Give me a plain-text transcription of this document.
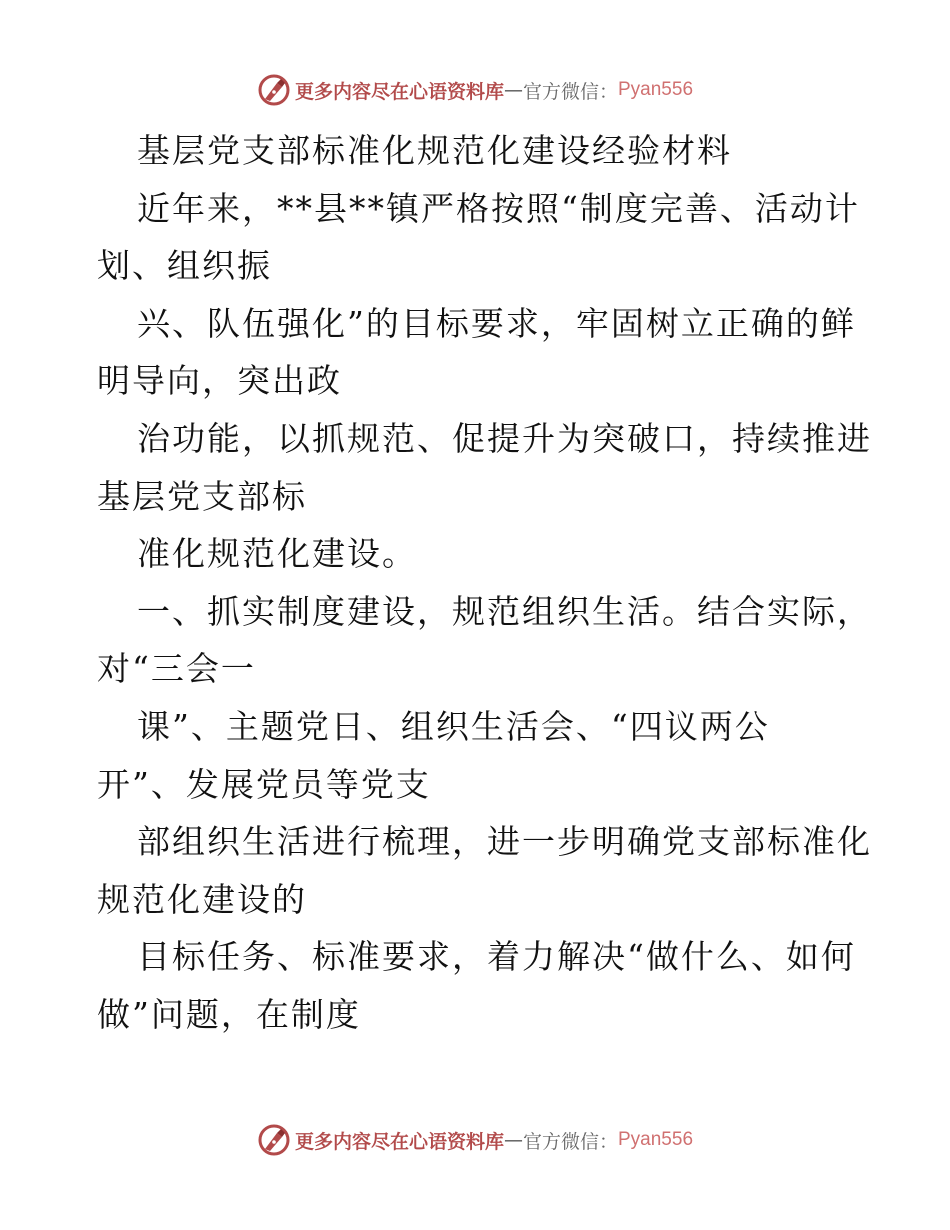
更多内容尽在心语资料库 — 官方微信： Pyan556
基层党支部标准化规范化建设经验材料
近年来，**县**镇严格按照“制度完善、活动计
划、组织振
兴、队伍强化”的目标要求，牢固树立正确的鲜
明导向，突出政
治功能，以抓规范、促提升为突破口，持续推进
基层党支部标
准化规范化建设。
一、抓实制度建设，规范组织生活。结合实际，
对“三会一
课”、主题党日、组织生活会、“四议两公
开”、发展党员等党支
部组织生活进行梳理，进一步明确党支部标准化
规范化建设的
目标任务、标准要求，着力解决“做什么、如何
做”问题，在制度
更多内容尽在心语资料库 — 官方微信： Pyan556
